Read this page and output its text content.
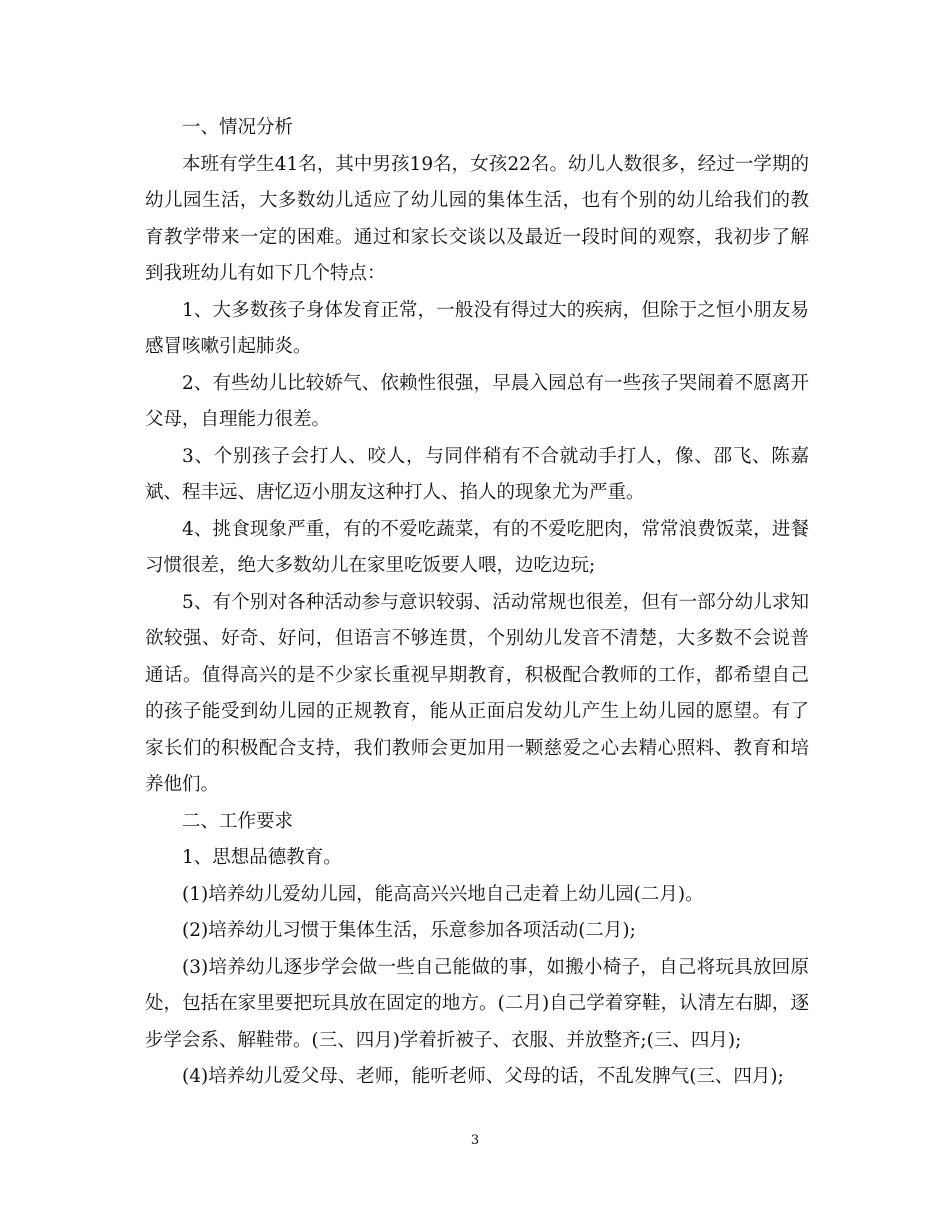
一、情况分析

本班有学生41名，其中男孩19名，女孩22名。幼儿人数很多，经过一学期的幼儿园生活，大多数幼儿适应了幼儿园的集体生活，也有个别的幼儿给我们的教育教学带来一定的困难。通过和家长交谈以及最近一段时间的观察，我初步了解到我班幼儿有如下几个特点：

1、大多数孩子身体发育正常，一般没有得过大的疾病，但除于之恒小朋友易感冒咳嗽引起肺炎。

2、有些幼儿比较娇气、依赖性很强，早晨入园总有一些孩子哭闹着不愿离开父母，自理能力很差。

3、个别孩子会打人、咬人，与同伴稍有不合就动手打人，像、邵飞、陈嘉斌、程丰远、唐忆迈小朋友这种打人、掐人的现象尤为严重。

4、挑食现象严重，有的不爱吃蔬菜，有的不爱吃肥肉，常常浪费饭菜，进餐习惯很差，绝大多数幼儿在家里吃饭要人喂，边吃边玩;

5、有个别对各种活动参与意识较弱、活动常规也很差，但有一部分幼儿求知欲较强、好奇、好问，但语言不够连贯，个别幼儿发音不清楚，大多数不会说普通话。值得高兴的是不少家长重视早期教育，积极配合教师的工作，都希望自己的孩子能受到幼儿园的正规教育，能从正面启发幼儿产生上幼儿园的愿望。有了家长们的积极配合支持，我们教师会更加用一颗慈爱之心去精心照料、教育和培养他们。

二、工作要求

1、思想品德教育。

(1)培养幼儿爱幼儿园，能高高兴兴地自己走着上幼儿园(二月)。

(2)培养幼儿习惯于集体生活，乐意参加各项活动(二月);

(3)培养幼儿逐步学会做一些自己能做的事，如搬小椅子，自己将玩具放回原处，包括在家里要把玩具放在固定的地方。(二月)自己学着穿鞋，认清左右脚，逐步学会系、解鞋带。(三、四月)学着折被子、衣服、并放整齐;(三、四月);

(4)培养幼儿爱父母、老师，能听老师、父母的话，不乱发脾气(三、四月);

3
